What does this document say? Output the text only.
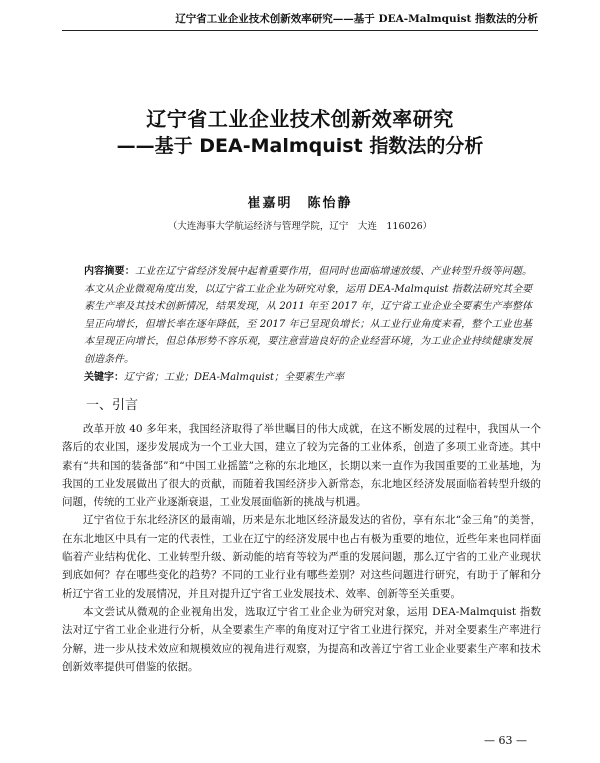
辽宁省工业企业技术创新效率研究——基于 DEA-Malmquist 指数法的分析
辽宁省工业企业技术创新效率研究
——基于 DEA-Malmquist 指数法的分析
崔嘉明　陈怡静
（大连海事大学航运经济与管理学院，辽宁　大连　116026）
内容摘要：工业在辽宁省经济发展中起着重要作用，但同时也面临增速放缓、产业转型升级等问题。本文从企业微观角度出发，以辽宁省工业企业为研究对象，运用 DEA-Malmquist 指数法研究其全要素生产率及其技术创新情况，结果发现，从 2011 年至 2017 年，辽宁省工业企业全要素生产率整体呈正向增长，但增长率在逐年降低，至 2017 年已呈现负增长；从工业行业角度来看，整个工业也基本呈现正向增长，但总体形势不容乐观，要注意营造良好的企业经营环境，为工业企业持续健康发展创造条件。
关键字：辽宁省；工业；DEA-Malmquist；全要素生产率
一、引言

改革开放 40 多年来，我国经济取得了举世瞩目的伟大成就，在这不断发展的过程中，我国从一个落后的农业国，逐步发展成为一个工业大国，建立了较为完备的工业体系，创造了多项工业奇迹。其中素有“共和国的装备部”和“中国工业摇篮”之称的东北地区，长期以来一直作为我国重要的工业基地，为我国的工业发展做出了很大的贡献，而随着我国经济步入新常态，东北地区经济发展面临着转型升级的问题，传统的工业产业逐渐衰退，工业发展面临新的挑战与机遇。

辽宁省位于东北经济区的最南端，历来是东北地区经济最发达的省份，享有东北“金三角”的美誉，在东北地区中具有一定的代表性，工业在辽宁的经济发展中也占有极为重要的地位，近些年来也同样面临着产业结构优化、工业转型升级、新动能的培育等较为严重的发展问题，那么辽宁省的工业产业现状到底如何？存在哪些变化的趋势？不同的工业行业有哪些差别？对这些问题进行研究，有助于了解和分析辽宁省工业的发展情况，并且对提升辽宁省工业发展技术、效率、创新等至关重要。

本文尝试从微观的企业视角出发，选取辽宁省工业企业为研究对象，运用 DEA-Malmquist 指数法对辽宁省工业企业进行分析，从全要素生产率的角度对辽宁省工业进行探究，并对全要素生产率进行分解，进一步从技术效应和规模效应的视角进行观察，为提高和改善辽宁省工业企业要素生产率和技术创新效率提供可借鉴的依据。

— 63 —
